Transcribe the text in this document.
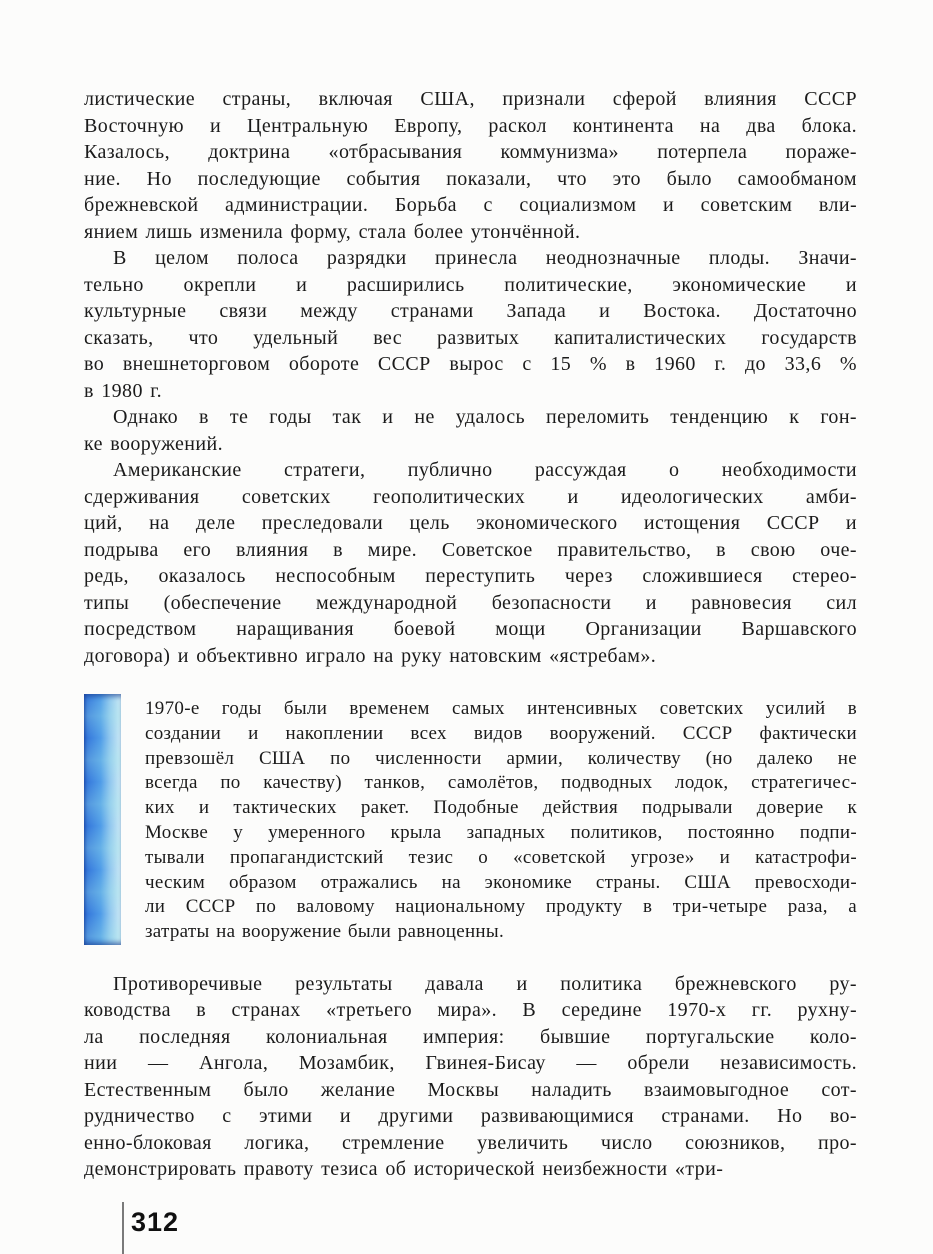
листические страны, включая США, признали сферой влияния СССР
Восточную и Центральную Европу, раскол континента на два блока.
Казалось, доктрина «отбрасывания коммунизма» потерпела пораже-
ние. Но последующие события показали, что это было самообманом
брежневской администрации. Борьба с социализмом и советским вли-
янием лишь изменила форму, стала более утончённой.
В целом полоса разрядки принесла неоднозначные плоды. Значи-
тельно окрепли и расширились политические, экономические и
культурные связи между странами Запада и Востока. Достаточно
сказать, что удельный вес развитых капиталистических государств
во внешнеторговом обороте СССР вырос с 15 % в 1960 г. до 33,6 %
в 1980 г.
Однако в те годы так и не удалось переломить тенденцию к гон-
ке вооружений.
Американские стратеги, публично рассуждая о необходимости
сдерживания советских геополитических и идеологических амби-
ций, на деле преследовали цель экономического истощения СССР и
подрыва его влияния в мире. Советское правительство, в свою оче-
редь, оказалось неспособным переступить через сложившиеся стерео-
типы (обеспечение международной безопасности и равновесия сил
посредством наращивания боевой мощи Организации Варшавского
договора) и объективно играло на руку натовским «ястребам».
1970-е годы были временем самых интенсивных советских усилий в
создании и накоплении всех видов вооружений. СССР фактически
превзошёл США по численности армии, количеству (но далеко не
всегда по качеству) танков, самолётов, подводных лодок, стратегичес-
ких и тактических ракет. Подобные действия подрывали доверие к
Москве у умеренного крыла западных политиков, постоянно подпи-
тывали пропагандистский тезис о «советской угрозе» и катастрофи-
ческим образом отражались на экономике страны. США превосходи-
ли СССР по валовому национальному продукту в три-четыре раза, а
затраты на вооружение были равноценны.
Противоречивые результаты давала и политика брежневского ру-
ководства в странах «третьего мира». В середине 1970-х гг. рухну-
ла последняя колониальная империя: бывшие португальские коло-
нии — Ангола, Мозамбик, Гвинея-Бисау — обрели независимость.
Естественным было желание Москвы наладить взаимовыгодное сот-
рудничество с этими и другими развивающимися странами. Но во-
енно-блоковая логика, стремление увеличить число союзников, про-
демонстрировать правоту тезиса об исторической неизбежности «три-
312
